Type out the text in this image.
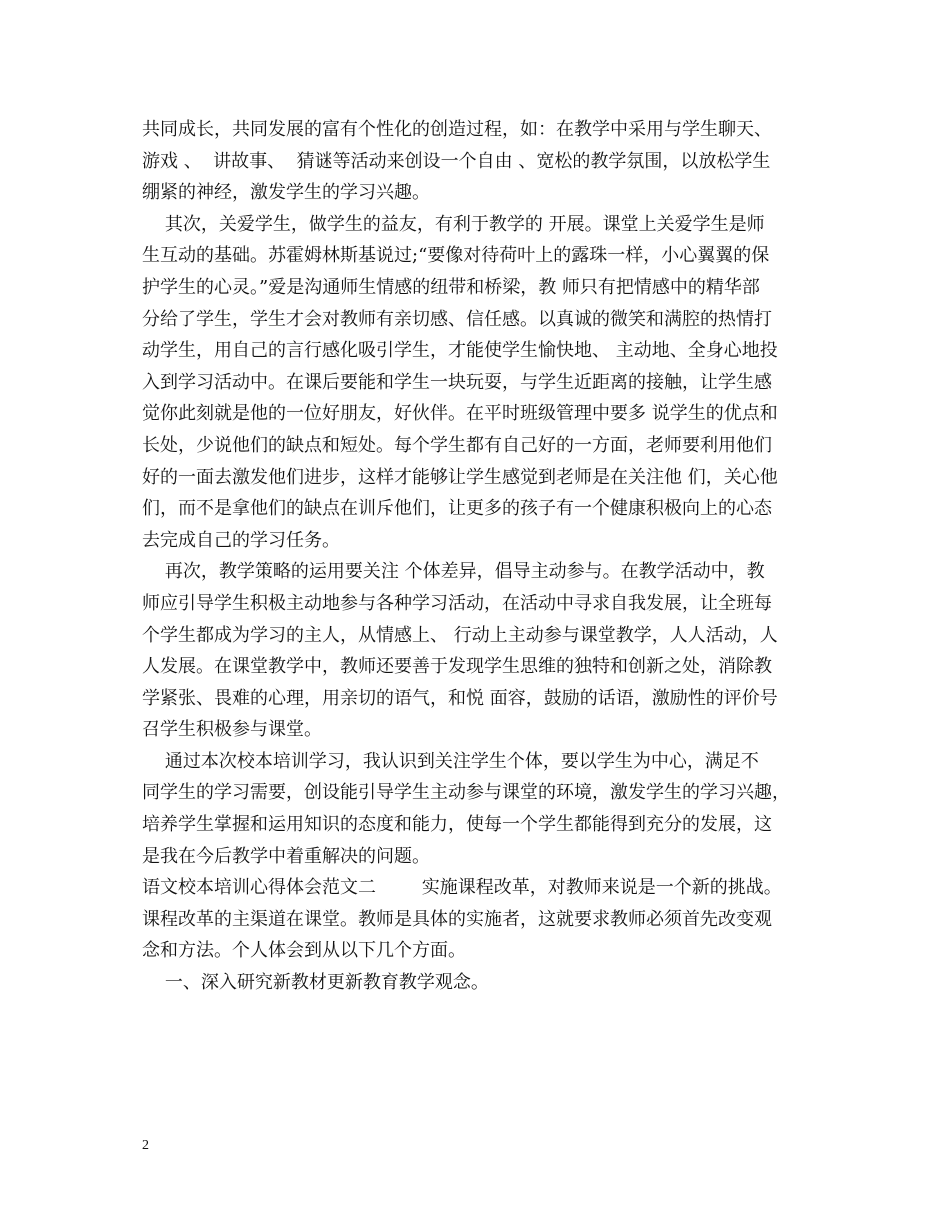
共同成长，共同发展的富有个性化的创造过程，如：在教学中采用与学生聊天、
游戏 、  讲故事、  猜谜等活动来创设一个自由 、宽松的教学氛围，以放松学生
绷紧的神经，激发学生的学习兴趣。
其次，关爱学生，做学生的益友，有利于教学的 开展。课堂上关爱学生是师
生互动的基础。苏霍姆林斯基说过;“要像对待荷叶上的露珠一样，小心翼翼的保
护学生的心灵。”爱是沟通师生情感的纽带和桥梁，教 师只有把情感中的精华部
分给了学生，学生才会对教师有亲切感、信任感。以真诚的微笑和满腔的热情打
动学生，用自己的言行感化吸引学生，才能使学生愉快地、 主动地、全身心地投
入到学习活动中。在课后要能和学生一块玩耍，与学生近距离的接触，让学生感
觉你此刻就是他的一位好朋友，好伙伴。在平时班级管理中要多 说学生的优点和
长处，少说他们的缺点和短处。每个学生都有自己好的一方面，老师要利用他们
好的一面去激发他们进步，这样才能够让学生感觉到老师是在关注他 们，关心他
们，而不是拿他们的缺点在训斥他们，让更多的孩子有一个健康积极向上的心态
去完成自己的学习任务。
再次，教学策略的运用要关注 个体差异，倡导主动参与。在教学活动中，教
师应引导学生积极主动地参与各种学习活动，在活动中寻求自我发展，让全班每
个学生都成为学习的主人，从情感上、 行动上主动参与课堂教学，人人活动，人
人发展。在课堂教学中，教师还要善于发现学生思维的独特和创新之处，消除教
学紧张、畏难的心理，用亲切的语气，和悦 面容，鼓励的话语，激励性的评价号
召学生积极参与课堂。
通过本次校本培训学习，我认识到关注学生个体，要以学生为中心，满足不
同学生的学习需要，创设能引导学生主动参与课堂的环境，激发学生的学习兴趣，
培养学生掌握和运用知识的态度和能力，使每一个学生都能得到充分的发展，这
是我在今后教学中着重解决的问题。
语文校本培训心得体会范文二        实施课程改革，对教师来说是一个新的挑战。
课程改革的主渠道在课堂。教师是具体的实施者，这就要求教师必须首先改变观
念和方法。个人体会到从以下几个方面。
一、深入研究新教材更新教育教学观念。
2
